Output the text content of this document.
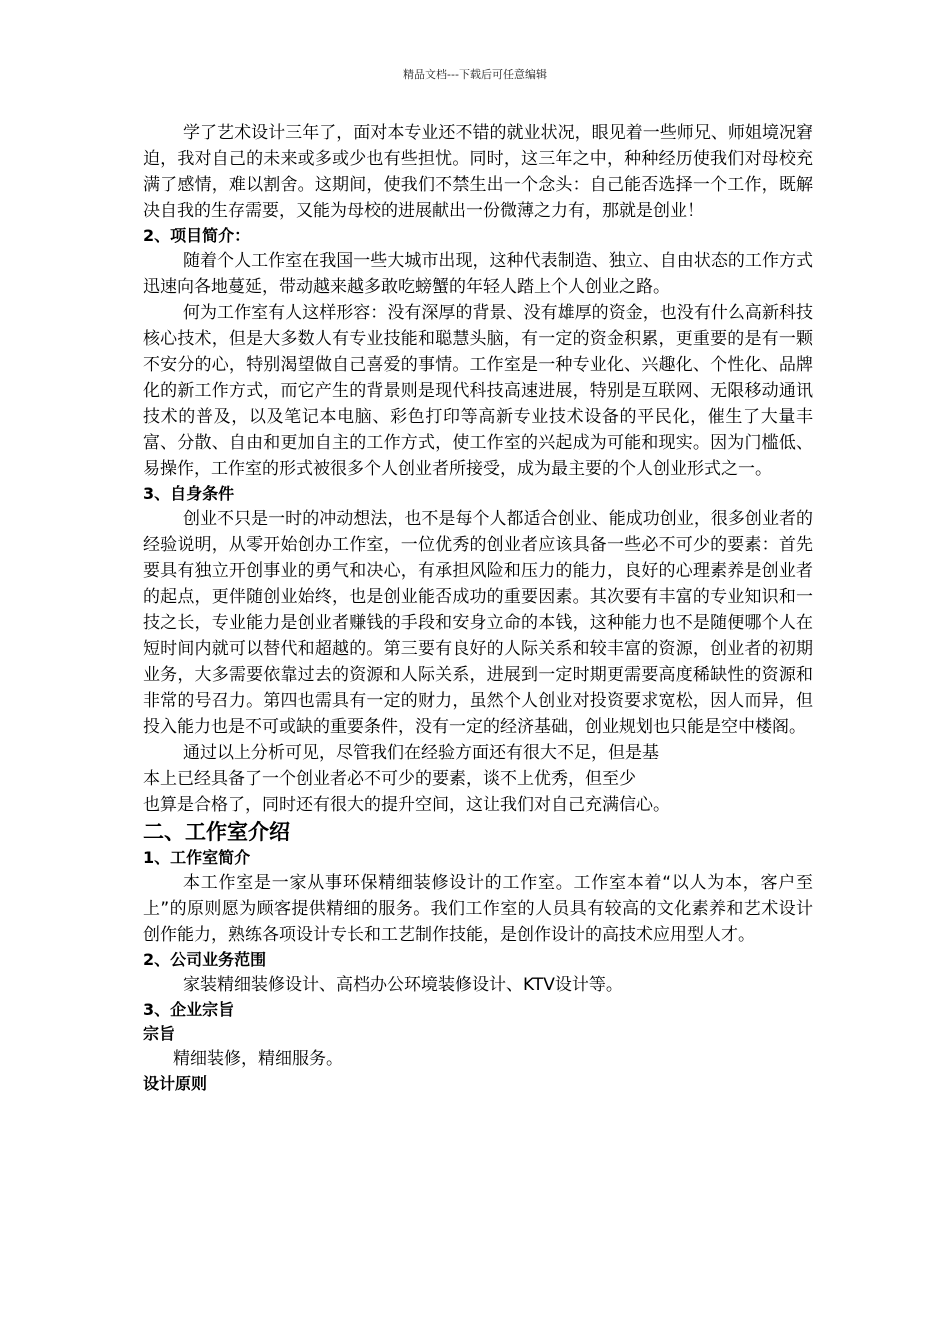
精品文档---下载后可任意编辑

学了艺术设计三年了，面对本专业还不错的就业状况，眼见着一些师兄、师姐境况窘迫，我对自己的未来或多或少也有些担忧。同时，这三年之中，种种经历使我们对母校充满了感情，难以割舍。这期间，使我们不禁生出一个念头：自己能否选择一个工作，既解决自我的生存需要，又能为母校的进展献出一份微薄之力有，那就是创业！

2、项目简介：

随着个人工作室在我国一些大城市出现，这种代表制造、独立、自由状态的工作方式迅速向各地蔓延，带动越来越多敢吃螃蟹的年轻人踏上个人创业之路。

何为工作室有人这样形容：没有深厚的背景、没有雄厚的资金，也没有什么高新科技核心技术，但是大多数人有专业技能和聪慧头脑，有一定的资金积累，更重要的是有一颗不安分的心，特别渴望做自己喜爱的事情。工作室是一种专业化、兴趣化、个性化、品牌化的新工作方式，而它产生的背景则是现代科技高速进展，特别是互联网、无限移动通讯技术的普及，以及笔记本电脑、彩色打印等高新专业技术设备的平民化，催生了大量丰富、分散、自由和更加自主的工作方式，使工作室的兴起成为可能和现实。因为门槛低、易操作，工作室的形式被很多个人创业者所接受，成为最主要的个人创业形式之一。

3、自身条件

创业不只是一时的冲动想法，也不是每个人都适合创业、能成功创业，很多创业者的经验说明，从零开始创办工作室，一位优秀的创业者应该具备一些必不可少的要素：首先要具有独立开创事业的勇气和决心，有承担风险和压力的能力，良好的心理素养是创业者的起点，更伴随创业始终，也是创业能否成功的重要因素。其次要有丰富的专业知识和一技之长，专业能力是创业者赚钱的手段和安身立命的本钱，这种能力也不是随便哪个人在短时间内就可以替代和超越的。第三要有良好的人际关系和较丰富的资源，创业者的初期业务，大多需要依靠过去的资源和人际关系，进展到一定时期更需要高度稀缺性的资源和非常的号召力。第四也需具有一定的财力，虽然个人创业对投资要求宽松，因人而异，但投入能力也是不可或缺的重要条件，没有一定的经济基础，创业规划也只能是空中楼阁。

通过以上分析可见，尽管我们在经验方面还有很大不足，但是基

本上已经具备了一个创业者必不可少的要素，谈不上优秀，但至少

也算是合格了，同时还有很大的提升空间，这让我们对自己充满信心。

二、工作室介绍

1、工作室简介

本工作室是一家从事环保精细装修设计的工作室。工作室本着“以人为本，客户至上”的原则愿为顾客提供精细的服务。我们工作室的人员具有较高的文化素养和艺术设计创作能力，熟练各项设计专长和工艺制作技能，是创作设计的高技术应用型人才。

2、公司业务范围

家装精细装修设计、高档办公环境装修设计、KTV设计等。

3、企业宗旨

宗旨

精细装修，精细服务。

设计原则
